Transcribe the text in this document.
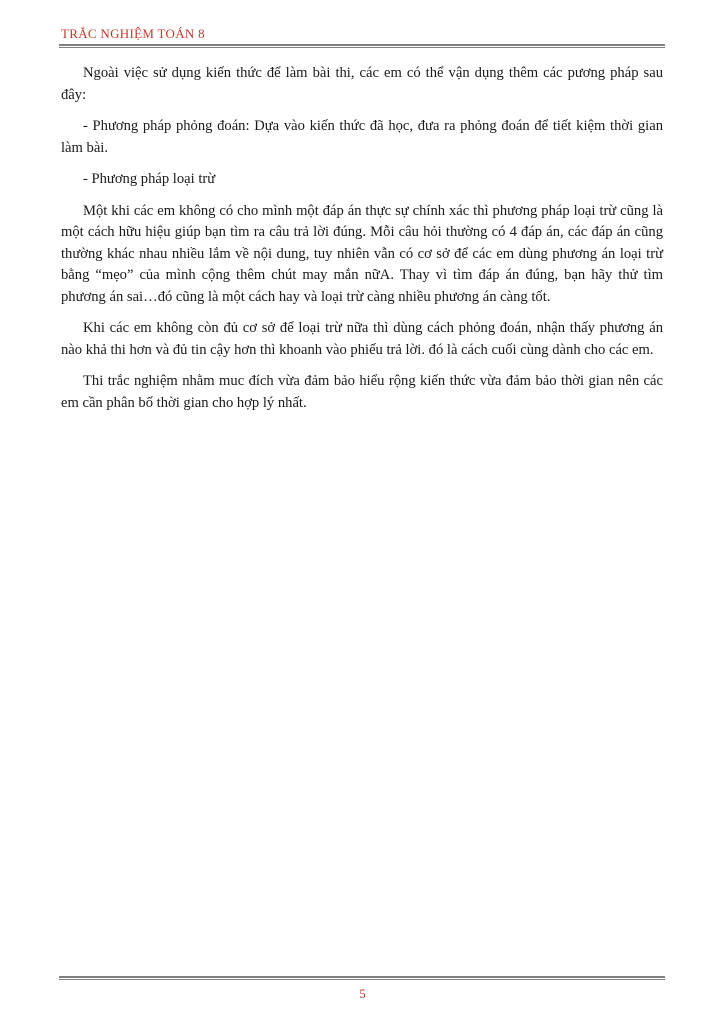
TRẮC NGHIỆM TOÁN 8

Ngoài việc sử dụng kiến thức để làm bài thi, các em có thể vận dụng thêm các pương pháp sau đây:

- Phương pháp phỏng đoán: Dựa vào kiến thức đã học, đưa ra phỏng đoán để tiết kiệm thời gian làm bài.

- Phương pháp loại trừ

Một khi các em không có cho mình một đáp án thực sự chính xác thì phương pháp loại trừ cũng là một cách hữu hiệu giúp bạn tìm ra câu trả lời đúng. Mỗi câu hỏi thường có 4 đáp án, các đáp án cũng thường khác nhau nhiều lắm về nội dung, tuy nhiên vẫn có cơ sở để các em dùng phương án loại trừ bằng “mẹo” của mình cộng thêm chút may mắn nữA. Thay vì tìm đáp án đúng, bạn hãy thử tìm phương án sai…đó cũng là một cách hay và loại trừ càng nhiều phương án càng tốt.

Khi các em không còn đủ cơ sở để loại trừ nữa thì dùng cách phỏng đoán, nhận thấy phương án nào khả thi hơn và đủ tin cậy hơn thì khoanh vào phiếu trả lời. đó là cách cuối cùng dành cho các em.

Thi trắc nghiệm nhằm muc đích vừa đảm bảo hiểu rộng kiến thức vừa đảm bảo thời gian nên các em cần phân bố thời gian cho hợp lý nhất.

5
